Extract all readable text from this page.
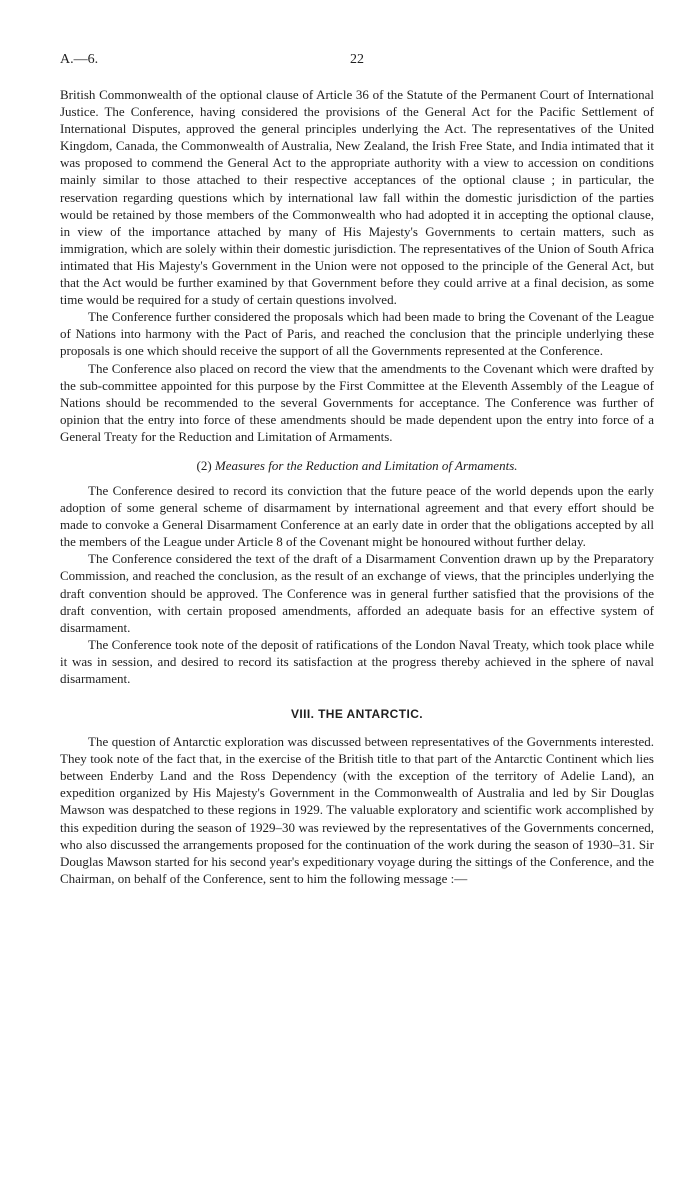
A.—6.	22

British Commonwealth of the optional clause of Article 36 of the Statute of the Permanent Court of International Justice. The Conference, having considered the provisions of the General Act for the Pacific Settlement of International Disputes, approved the general principles underlying the Act. The representatives of the United Kingdom, Canada, the Commonwealth of Australia, New Zealand, the Irish Free State, and India intimated that it was proposed to commend the General Act to the appropriate authority with a view to accession on conditions mainly similar to those attached to their respective acceptances of the optional clause ; in particular, the reservation regarding questions which by international law fall within the domestic jurisdiction of the parties would be retained by those members of the Commonwealth who had adopted it in accepting the optional clause, in view of the importance attached by many of His Majesty's Governments to certain matters, such as immigration, which are solely within their domestic jurisdiction. The representatives of the Union of South Africa intimated that His Majesty's Government in the Union were not opposed to the principle of the General Act, but that the Act would be further examined by that Government before they could arrive at a final decision, as some time would be required for a study of certain questions involved.

The Conference further considered the proposals which had been made to bring the Covenant of the League of Nations into harmony with the Pact of Paris, and reached the conclusion that the principle underlying these proposals is one which should receive the support of all the Governments represented at the Conference.

The Conference also placed on record the view that the amendments to the Covenant which were drafted by the sub-committee appointed for this purpose by the First Committee at the Eleventh Assembly of the League of Nations should be recommended to the several Governments for acceptance. The Conference was further of opinion that the entry into force of these amendments should be made dependent upon the entry into force of a General Treaty for the Reduction and Limitation of Armaments.

(2) Measures for the Reduction and Limitation of Armaments.

The Conference desired to record its conviction that the future peace of the world depends upon the early adoption of some general scheme of disarmament by international agreement and that every effort should be made to convoke a General Disarmament Conference at an early date in order that the obligations accepted by all the members of the League under Article 8 of the Covenant might be honoured without further delay.

The Conference considered the text of the draft of a Disarmament Convention drawn up by the Preparatory Commission, and reached the conclusion, as the result of an exchange of views, that the principles underlying the draft convention should be approved. The Conference was in general further satisfied that the provisions of the draft convention, with certain proposed amendments, afforded an adequate basis for an effective system of disarmament.

The Conference took note of the deposit of ratifications of the London Naval Treaty, which took place while it was in session, and desired to record its satisfaction at the progress thereby achieved in the sphere of naval disarmament.

VIII. THE ANTARCTIC.

The question of Antarctic exploration was discussed between representatives of the Governments interested. They took note of the fact that, in the exercise of the British title to that part of the Antarctic Continent which lies between Enderby Land and the Ross Dependency (with the exception of the territory of Adelie Land), an expedition organized by His Majesty's Government in the Commonwealth of Australia and led by Sir Douglas Mawson was despatched to these regions in 1929. The valuable exploratory and scientific work accomplished by this expedition during the season of 1929–30 was reviewed by the representatives of the Governments concerned, who also discussed the arrangements proposed for the continuation of the work during the season of 1930–31. Sir Douglas Mawson started for his second year's expeditionary voyage during the sittings of the Conference, and the Chairman, on behalf of the Conference, sent to him the following message :—
